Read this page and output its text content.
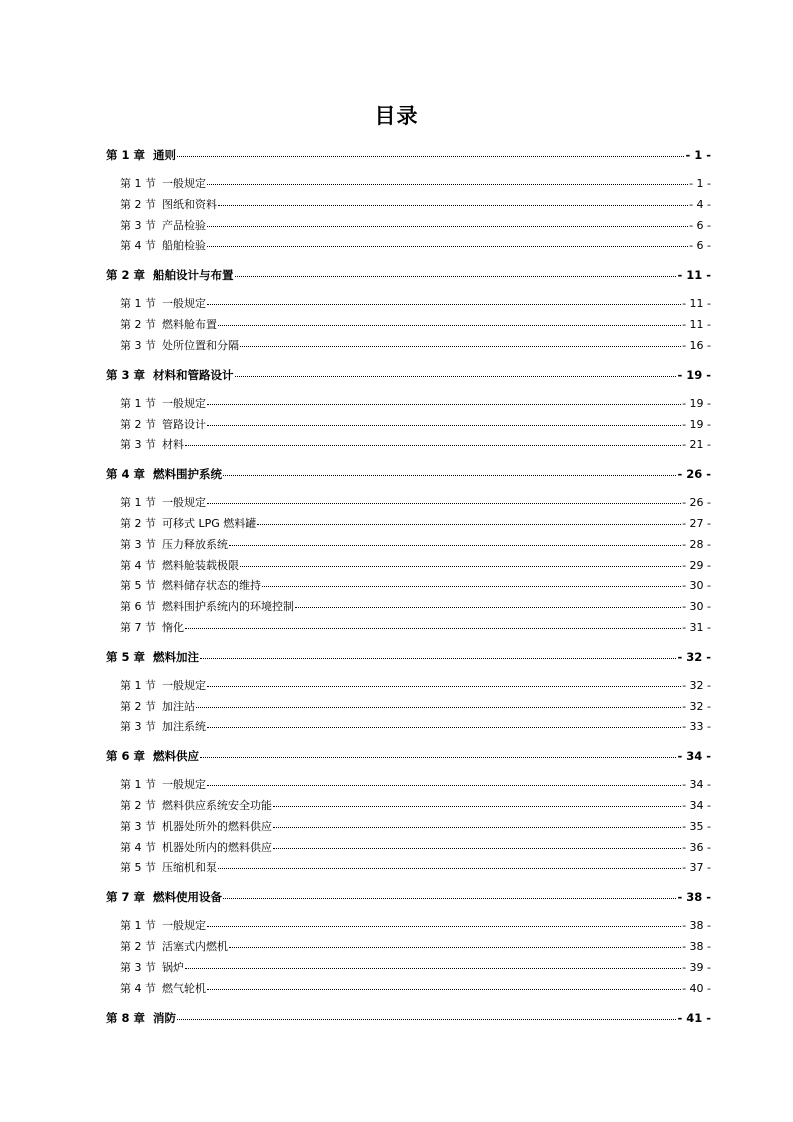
目录
第 1 章 通则	- 1 -
第 1 节 一般规定	- 1 -
第 2 节 图纸和资料	- 4 -
第 3 节 产品检验	- 6 -
第 4 节 船舶检验	- 6 -
第 2 章 船舶设计与布置	- 11 -
第 1 节 一般规定	- 11 -
第 2 节 燃料舱布置	- 11 -
第 3 节 处所位置和分隔	- 16 -
第 3 章 材料和管路设计	- 19 -
第 1 节 一般规定	- 19 -
第 2 节 管路设计	- 19 -
第 3 节 材料	- 21 -
第 4 章 燃料围护系统	- 26 -
第 1 节 一般规定	- 26 -
第 2 节 可移式 LPG 燃料罐	- 27 -
第 3 节 压力释放系统	- 28 -
第 4 节 燃料舱装载极限	- 29 -
第 5 节 燃料储存状态的维持	- 30 -
第 6 节 燃料围护系统内的环境控制	- 30 -
第 7 节 惰化	- 31 -
第 5 章 燃料加注	- 32 -
第 1 节 一般规定	- 32 -
第 2 节 加注站	- 32 -
第 3 节 加注系统	- 33 -
第 6 章 燃料供应	- 34 -
第 1 节 一般规定	- 34 -
第 2 节 燃料供应系统安全功能	- 34 -
第 3 节 机器处所外的燃料供应	- 35 -
第 4 节 机器处所内的燃料供应	- 36 -
第 5 节 压缩机和泵	- 37 -
第 7 章 燃料使用设备	- 38 -
第 1 节 一般规定	- 38 -
第 2 节 活塞式内燃机	- 38 -
第 3 节 锅炉	- 39 -
第 4 节 燃气轮机	- 40 -
第 8 章 消防	- 41 -
